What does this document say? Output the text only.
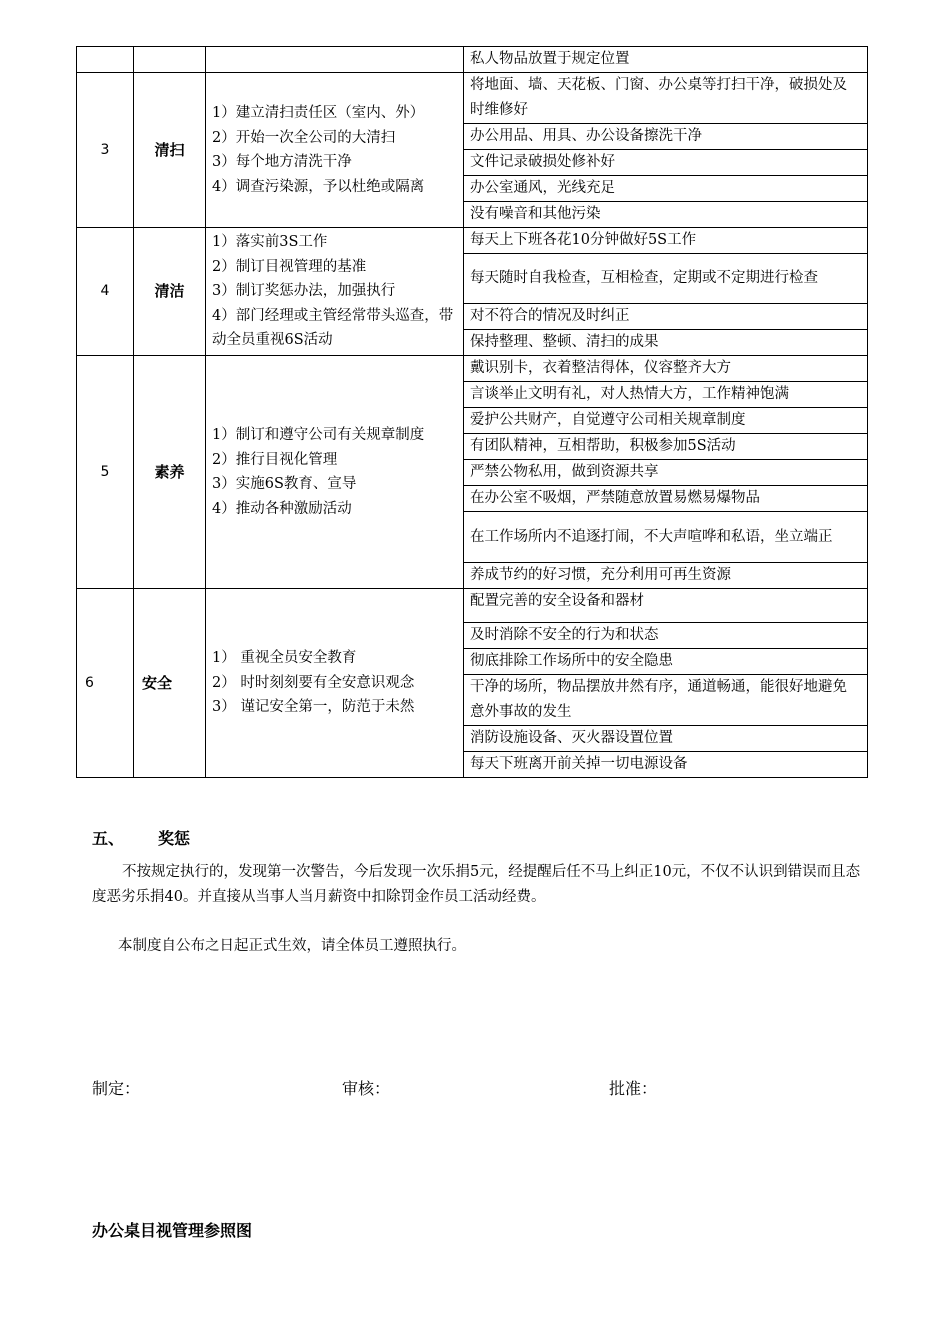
			私人物品放置于规定位置
3	清扫	1）建立清扫责任区（室内、外）
2）开始一次全公司的大清扫
3）每个地方清洗干净
4）调查污染源，予以杜绝或隔离	将地面、墙、天花板、门窗、办公桌等打扫干净，破损处及时维修好
			办公用品、用具、办公设备擦洗干净
			文件记录破损处修补好
			办公室通风，光线充足
			没有噪音和其他污染
4	清洁	1）落实前3S工作
2）制订目视管理的基准
3）制订奖惩办法，加强执行
4）部门经理或主管经常带头巡查，带动全员重视6S活动	每天上下班各花10分钟做好5S工作
			每天随时自我检查，互相检查，定期或不定期进行检查
			对不符合的情况及时纠正
			保持整理、整顿、清扫的成果
5	素养	1）制订和遵守公司有关规章制度
2）推行目视化管理
3）实施6S教育、宣导
4）推动各种激励活动	戴识别卡，衣着整洁得体，仪容整齐大方
			言谈举止文明有礼，对人热情大方，工作精神饱满
			爱护公共财产，自觉遵守公司相关规章制度
			有团队精神，互相帮助，积极参加5S活动
			严禁公物私用，做到资源共享
			在办公室不吸烟，严禁随意放置易燃易爆物品
			在工作场所内不追逐打闹，不大声喧哗和私语，坐立端正
			养成节约的好习惯，充分利用可再生资源
6	安全	1） 重视全员安全教育
2） 时时刻刻要有全安意识观念
3） 谨记安全第一，防范于未然	配置完善的安全设备和器材
			及时消除不安全的行为和状态
			彻底排除工作场所中的安全隐患
			干净的场所，物品摆放井然有序，通道畅通，能很好地避免意外事故的发生
			消防设施设备、灭火器设置位置
			每天下班离开前关掉一切电源设备
五、 奖惩
不按规定执行的，发现第一次警告，今后发现一次乐捐5元，经提醒后任不马上纠正10元，不仅不认识到错误而且态度恶劣乐捐40。并直接从当事人当月薪资中扣除罚金作员工活动经费。
本制度自公布之日起正式生效，请全体员工遵照执行。
制定：	审核：	批准：
办公桌目视管理参照图
